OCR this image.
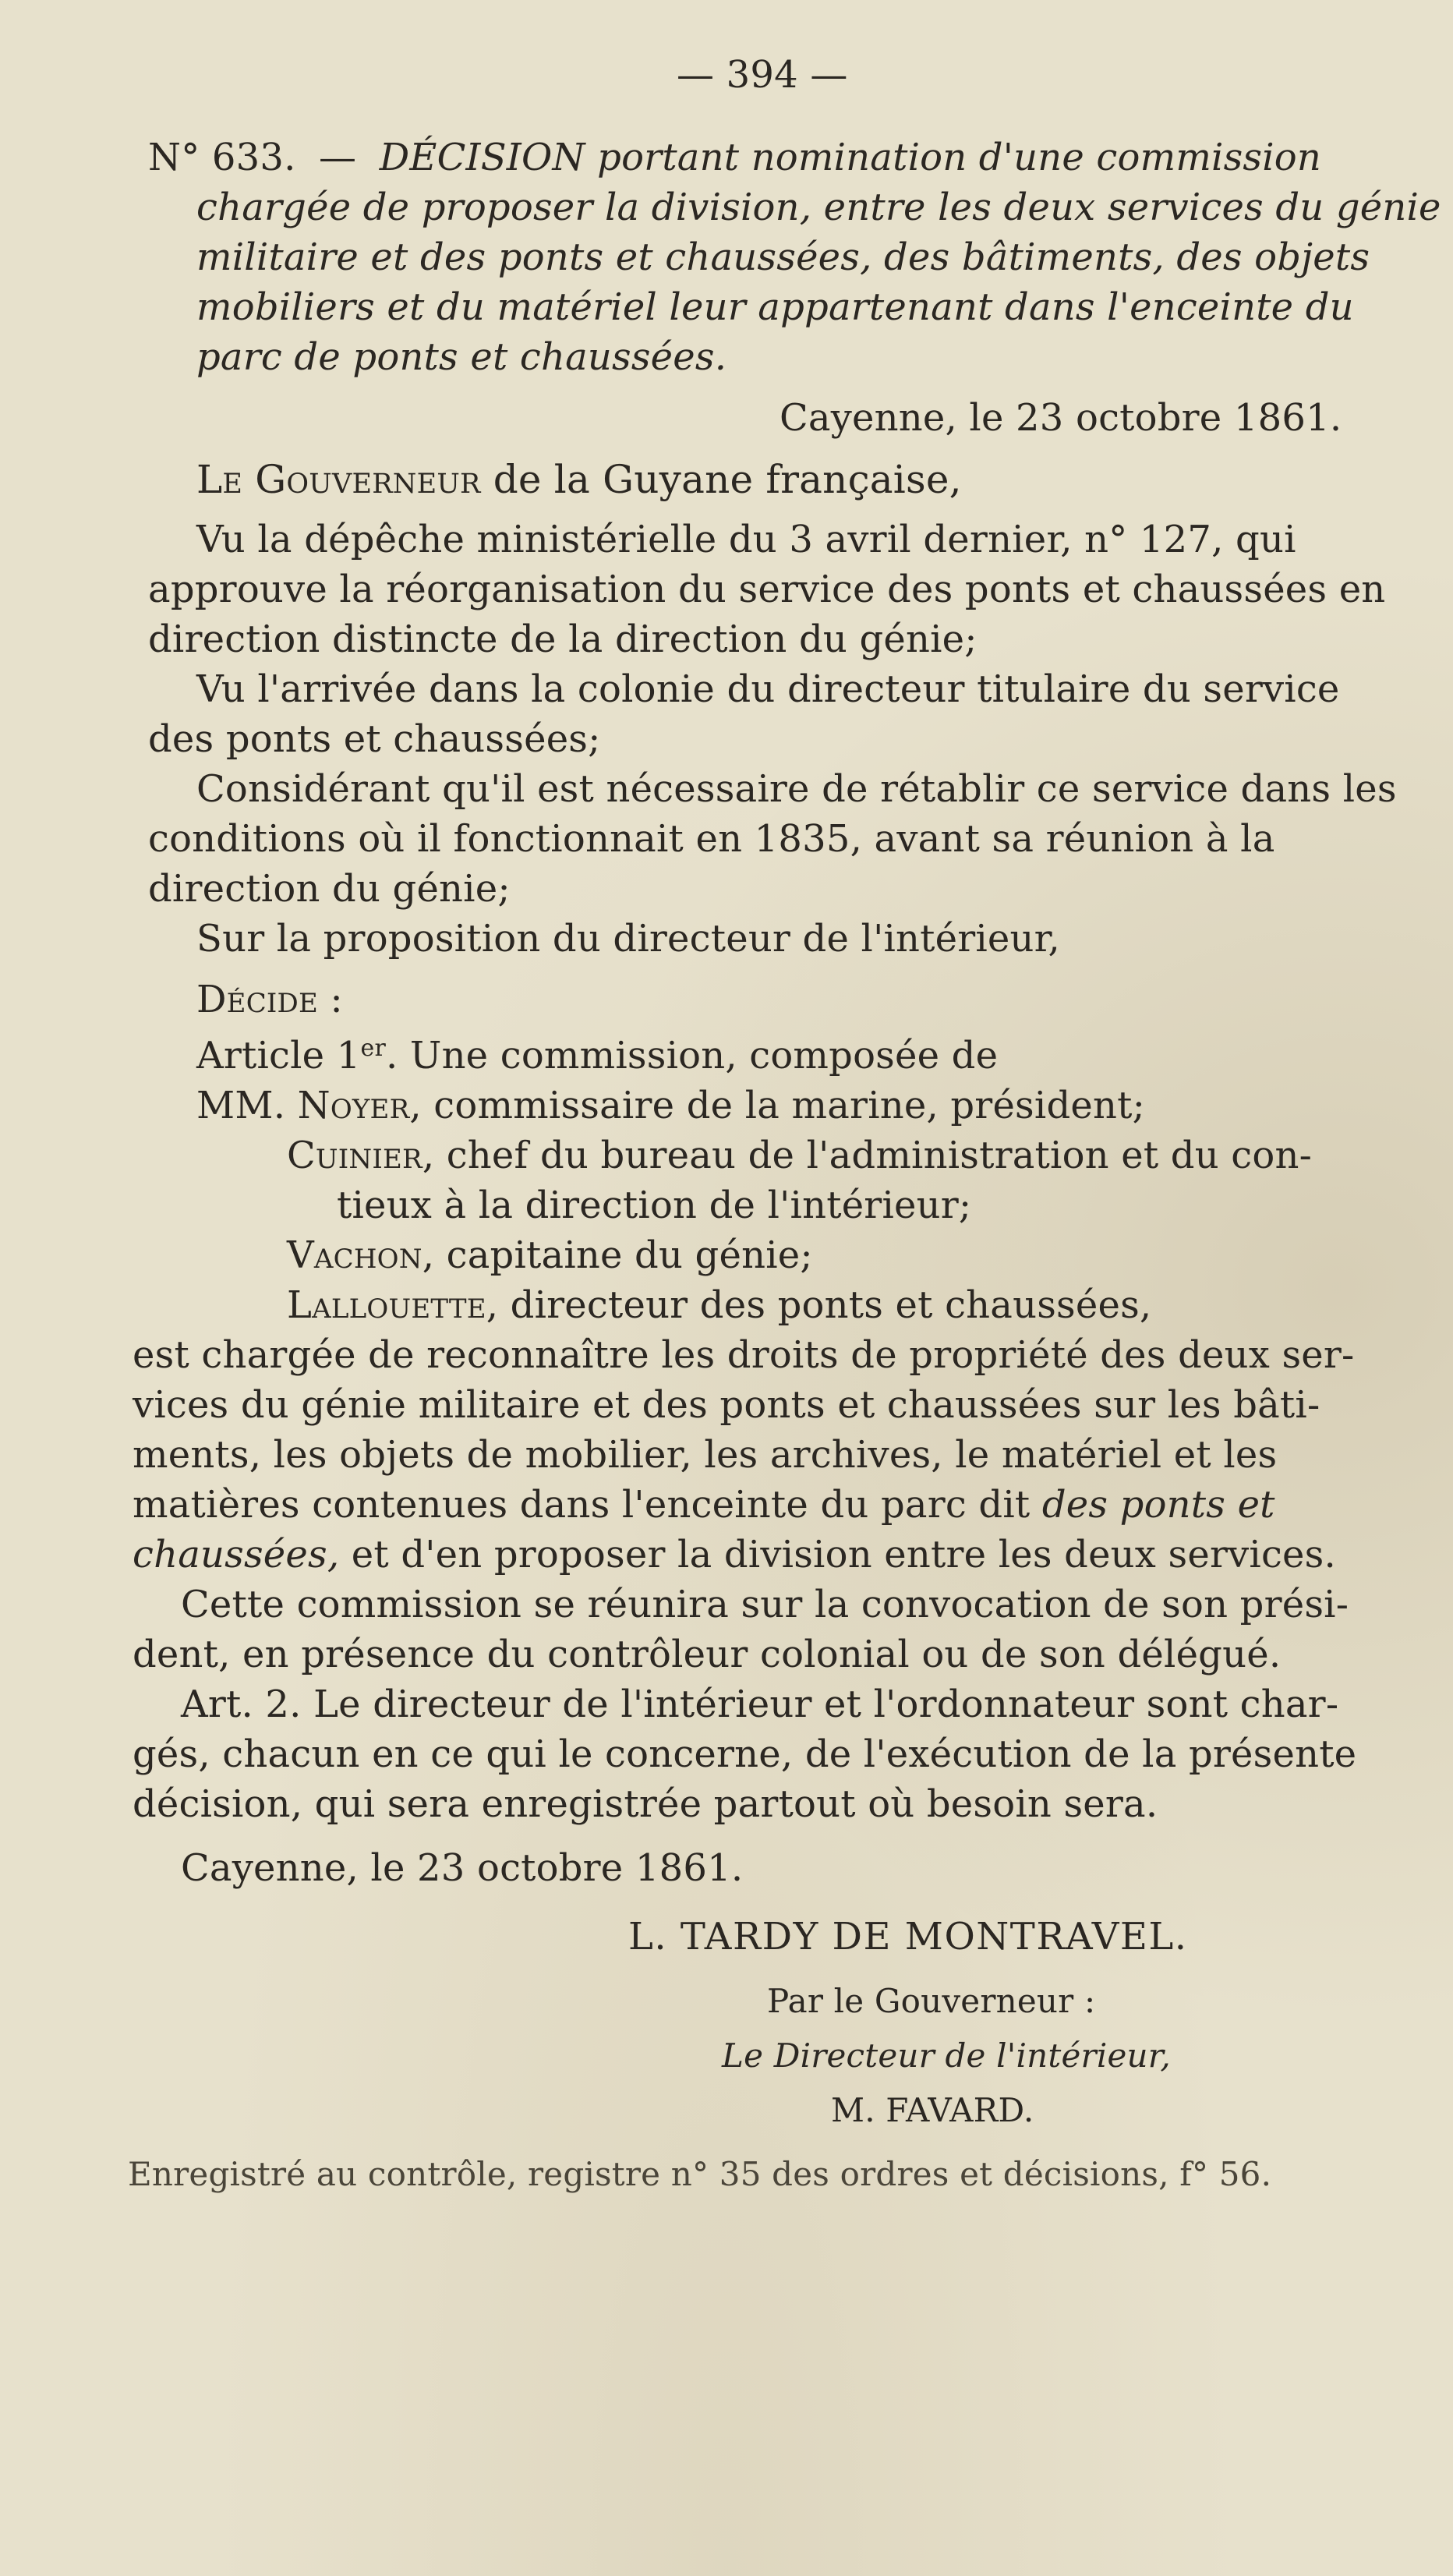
— 394 —
N° 633. — DÉCISION portant nomination d'une commission
chargée de proposer la division, entre les deux services du génie
militaire et des ponts et chaussées, des bâtiments, des objets
mobiliers et du matériel leur appartenant dans l'enceinte du
parc de ponts et chaussées.
Cayenne, le 23 octobre 1861.
Le Gouverneur de la Guyane française,
Vu la dépêche ministérielle du 3 avril dernier, n° 127, qui
approuve la réorganisation du service des ponts et chaussées en
direction distincte de la direction du génie;
Vu l'arrivée dans la colonie du directeur titulaire du service
des ponts et chaussées;
Considérant qu'il est nécessaire de rétablir ce service dans les
conditions où il fonctionnait en 1835, avant sa réunion à la
direction du génie;
Sur la proposition du directeur de l'intérieur,
Décide :
Article 1er. Une commission, composée de
MM. Noyer, commissaire de la marine, président;
Cuinier, chef du bureau de l'administration et du con-
tieux à la direction de l'intérieur;
Vachon, capitaine du génie;
Lallouette, directeur des ponts et chaussées,
est chargée de reconnaître les droits de propriété des deux ser-
vices du génie militaire et des ponts et chaussées sur les bâti-
ments, les objets de mobilier, les archives, le matériel et les
matières contenues dans l'enceinte du parc dit des ponts et
chaussées, et d'en proposer la division entre les deux services.
Cette commission se réunira sur la convocation de son prési-
dent, en présence du contrôleur colonial ou de son délégué.
Art. 2. Le directeur de l'intérieur et l'ordonnateur sont char-
gés, chacun en ce qui le concerne, de l'exécution de la présente
décision, qui sera enregistrée partout où besoin sera.
Cayenne, le 23 octobre 1861.
L. TARDY DE MONTRAVEL.
Par le Gouverneur :
Le Directeur de l'intérieur,
M. FAVARD.
Enregistré au contrôle, registre n° 35 des ordres et décisions, f° 56.
